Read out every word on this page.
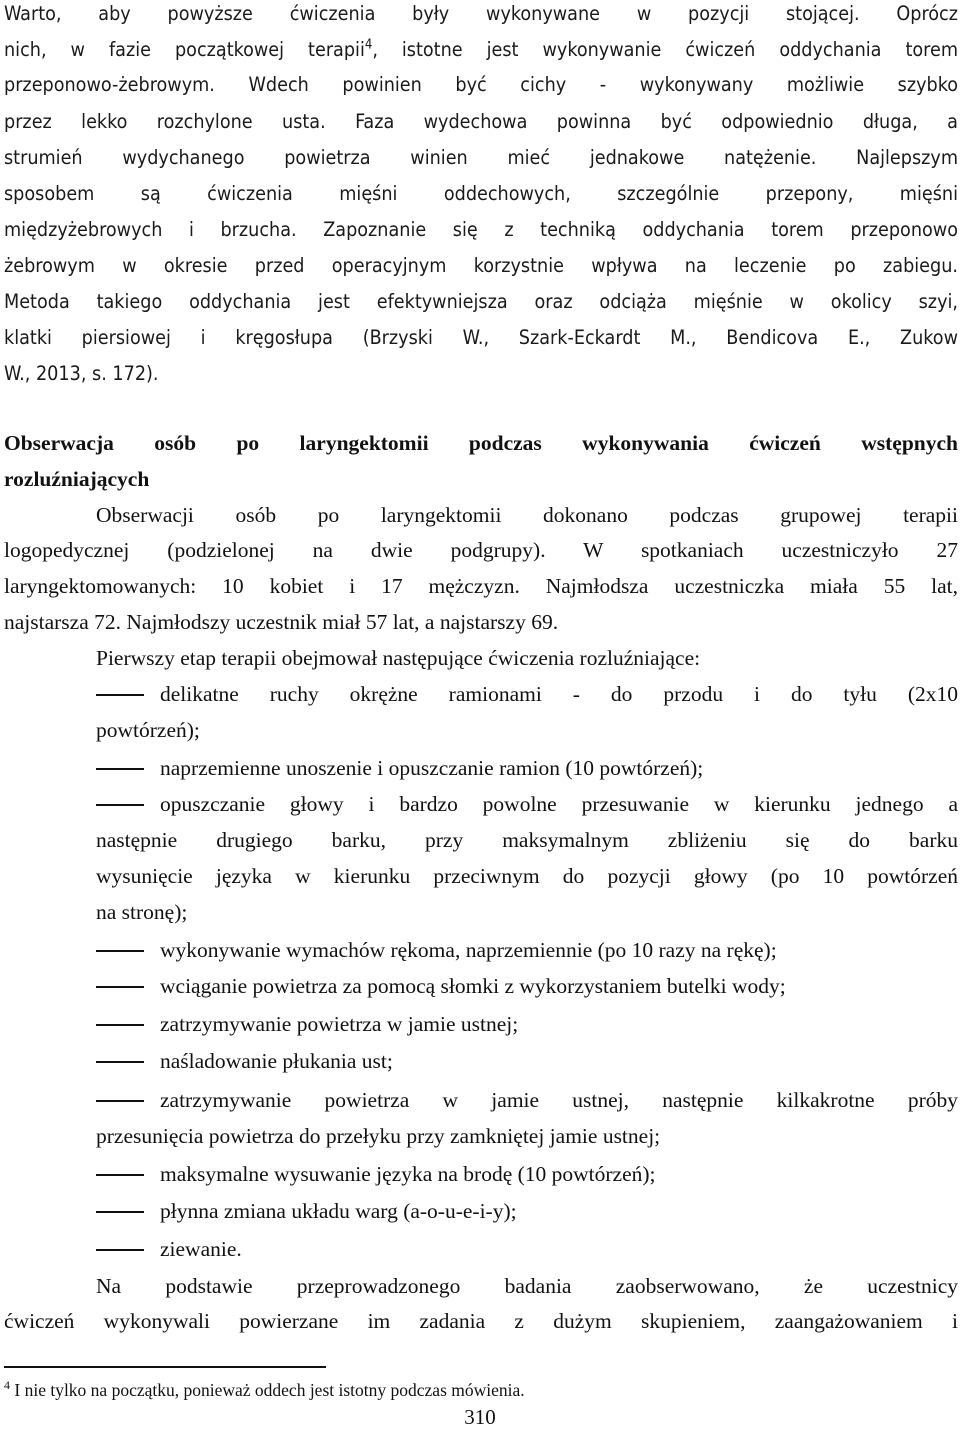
Warto, aby powyższe ćwiczenia były wykonywane w pozycji stojącej. Oprócz

nich, w fazie początkowej terapii$^4$, istotne jest wykonywanie ćwiczeń oddychania torem

przeponowo-żebrowym. Wdech powinien być cichy - wykonywany możliwie szybko

przez lekko rozchylone usta. Faza wydechowa powinna być odpowiednio długa, a

strumień wydychanego powietrza winien mieć jednakowe natężenie. Najlepszym

sposobem są ćwiczenia mięśni oddechowych, szczególnie przepony, mięśni

międzyżebrowych i brzucha. Zapoznanie się z techniką oddychania torem przeponowo

żebrowym w okresie przed operacyjnym korzystnie wpływa na leczenie po zabiegu.

Metoda takiego oddychania jest efektywniejsza oraz odciąża mięśnie w okolicy szyi,

klatki piersiowej i kręgosłupa (Brzyski W., Szark-Eckardt M., Bendicova E., Zukow

W., 2013, s. 172).

Obserwacja osób po laryngektomii podczas wykonywania ćwiczeń wstępnych

rozluźniających

Obserwacji osób po laryngektomii dokonano podczas grupowej terapii

logopedycznej (podzielonej na dwie podgrupy). W spotkaniach uczestniczyło 27

laryngektomowanych: 10 kobiet i 17 mężczyzn. Najmłodsza uczestniczka miała 55 lat,

najstarsza 72. Najmłodszy uczestnik miał 57 lat, a najstarszy 69.

Pierwszy etap terapii obejmował następujące ćwiczenia rozluźniające:

delikatne ruchy okrężne ramionami - do przodu i do tyłu (2x10

powtórzeń);

naprzemienne unoszenie i opuszczanie ramion (10 powtórzeń);

opuszczanie głowy i bardzo powolne przesuwanie w kierunku jednego a

następnie drugiego barku, przy maksymalnym zbliżeniu się do barku

wysunięcie języka w kierunku przeciwnym do pozycji głowy (po 10 powtórzeń

na stronę);

wykonywanie wymachów rękoma, naprzemiennie (po 10 razy na rękę);

wciąganie powietrza za pomocą słomki z wykorzystaniem butelki wody;

zatrzymywanie powietrza w jamie ustnej;

naśladowanie płukania ust;

zatrzymywanie powietrza w jamie ustnej, następnie kilkakrotne próby

przesunięcia powietrza do przełyku przy zamkniętej jamie ustnej;

maksymalne wysuwanie języka na brodę (10 powtórzeń);

płynna zmiana układu warg (a-o-u-e-i-y);

ziewanie.

Na podstawie przeprowadzonego badania zaobserwowano, że uczestnicy

ćwiczeń wykonywali powierzane im zadania z dużym skupieniem, zaangażowaniem i

$^4$ I nie tylko na początku, ponieważ oddech jest istotny podczas mówienia.
310
